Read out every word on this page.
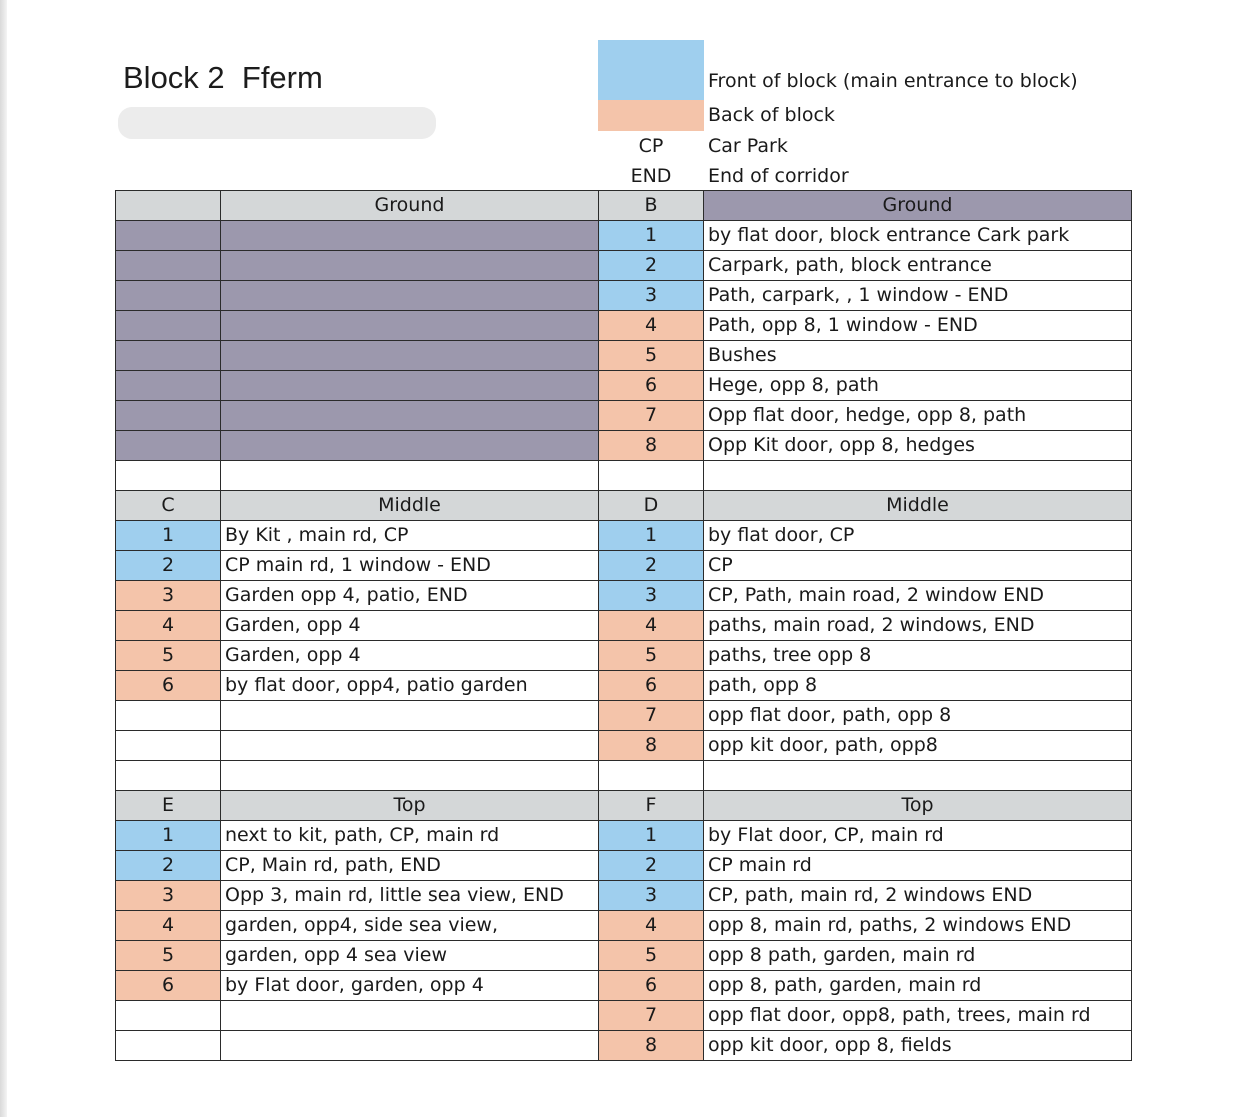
Block 2  Fferm	Front of block (main entrance to block)
Back of block
CP	Car Park
END	End of corridor
	Ground	B	Ground
		1	by flat door, block entrance Cark park
		2	Carpark, path, block entrance
		3	Path, carpark, , 1 window - END
		4	Path, opp 8, 1 window - END
		5	Bushes
		6	Hege, opp 8, path
		7	Opp flat door, hedge, opp 8, path
		8	Opp Kit door, opp 8, hedges

C	Middle	D	Middle
1	By Kit , main rd, CP	1	by flat door, CP
2	CP main rd, 1 window - END	2	CP
3	Garden opp 4, patio, END	3	CP, Path, main road, 2 window END
4	Garden, opp 4	4	paths, main road, 2 windows, END
5	Garden, opp 4	5	paths, tree opp 8
6	by flat door, opp4, patio garden	6	path, opp 8
		7	opp flat door, path, opp 8
		8	opp kit door, path, opp8

E	Top	F	Top
1	next to kit, path, CP, main rd	1	by Flat door, CP, main rd
2	CP, Main rd, path, END	2	CP main rd
3	Opp 3, main rd, little sea view, END	3	CP, path, main rd, 2 windows END
4	garden, opp4, side sea view,	4	opp 8, main rd, paths, 2 windows END
5	garden, opp 4 sea view	5	opp 8 path, garden, main rd
6	by Flat door, garden, opp 4	6	opp 8, path, garden, main rd
		7	opp flat door, opp8, path, trees, main rd
		8	opp kit door, opp 8, fields
